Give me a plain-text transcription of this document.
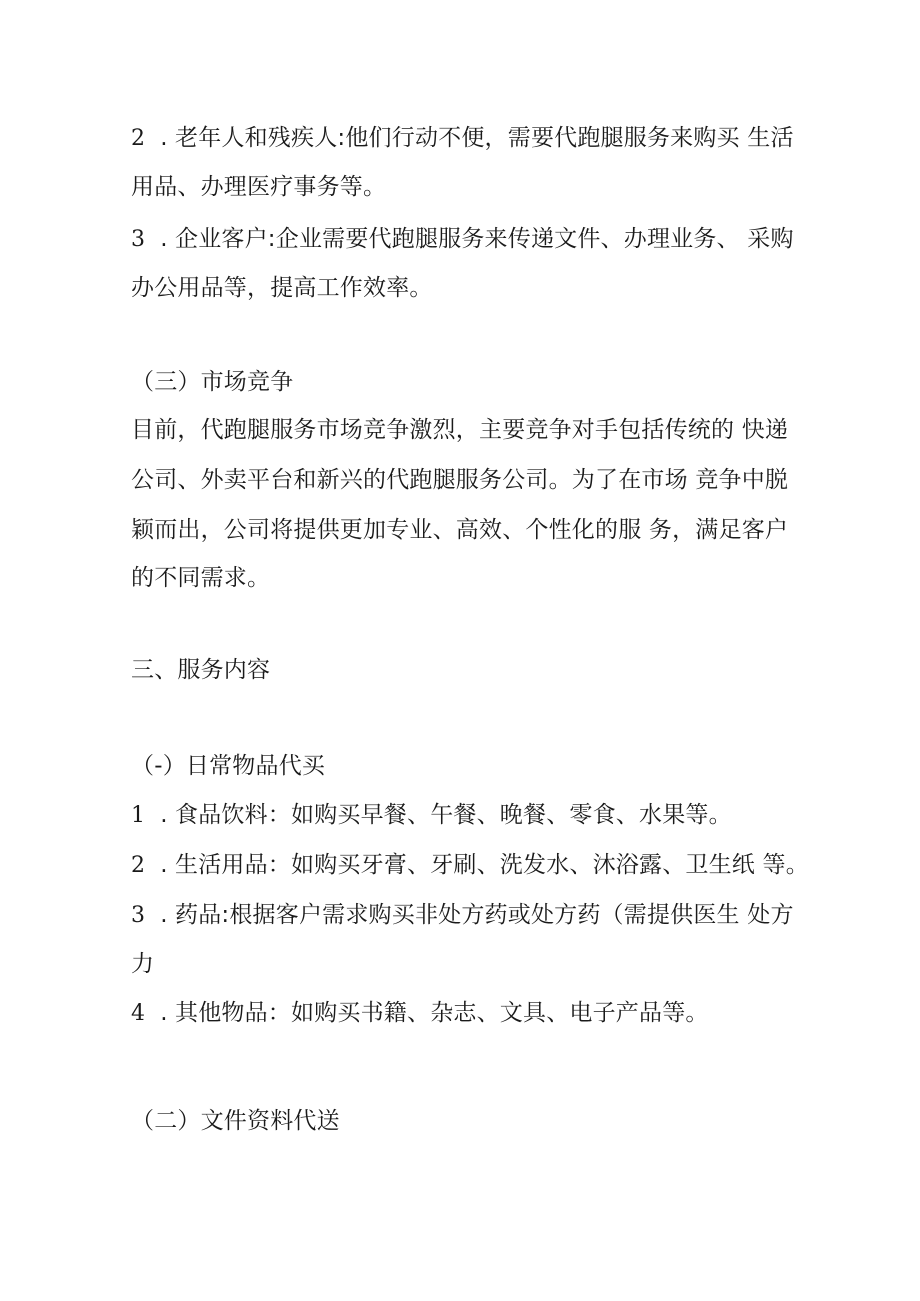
2 . 老年人和残疾人:他们行动不便，需要代跑腿服务来购买 生活
用品、办理医疗事务等。
3 . 企业客户:企业需要代跑腿服务来传递文件、办理业务、 采购
办公用品等，提高工作效率。
（三）市场竞争
目前，代跑腿服务市场竞争激烈，主要竞争对手包括传统的 快递
公司、外卖平台和新兴的代跑腿服务公司。为了在市场 竞争中脱
颖而出，公司将提供更加专业、高效、个性化的服 务，满足客户
的不同需求。
三、服务内容
（-）日常物品代买
1 . 食品饮料：如购买早餐、午餐、晚餐、零食、水果等。
2 . 生活用品：如购买牙膏、牙刷、洗发水、沐浴露、卫生纸 等。
3 . 药品:根据客户需求购买非处方药或处方药（需提供医生 处方
力
4 . 其他物品：如购买书籍、杂志、文具、电子产品等。
（二）文件资料代送
